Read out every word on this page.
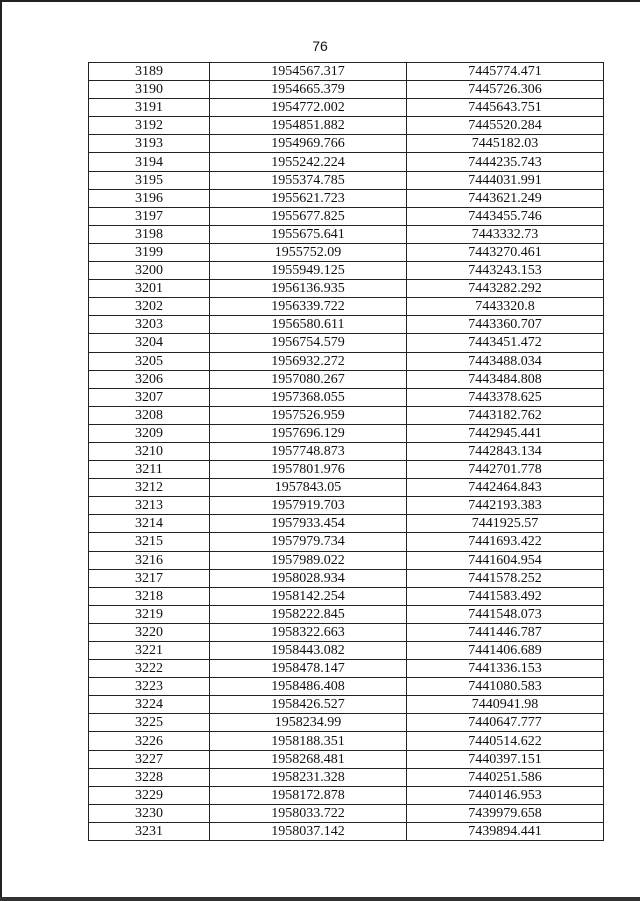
76
3189	1954567.317	7445774.471
3190	1954665.379	7445726.306
3191	1954772.002	7445643.751
3192	1954851.882	7445520.284
3193	1954969.766	7445182.03
3194	1955242.224	7444235.743
3195	1955374.785	7444031.991
3196	1955621.723	7443621.249
3197	1955677.825	7443455.746
3198	1955675.641	7443332.73
3199	1955752.09	7443270.461
3200	1955949.125	7443243.153
3201	1956136.935	7443282.292
3202	1956339.722	7443320.8
3203	1956580.611	7443360.707
3204	1956754.579	7443451.472
3205	1956932.272	7443488.034
3206	1957080.267	7443484.808
3207	1957368.055	7443378.625
3208	1957526.959	7443182.762
3209	1957696.129	7442945.441
3210	1957748.873	7442843.134
3211	1957801.976	7442701.778
3212	1957843.05	7442464.843
3213	1957919.703	7442193.383
3214	1957933.454	7441925.57
3215	1957979.734	7441693.422
3216	1957989.022	7441604.954
3217	1958028.934	7441578.252
3218	1958142.254	7441583.492
3219	1958222.845	7441548.073
3220	1958322.663	7441446.787
3221	1958443.082	7441406.689
3222	1958478.147	7441336.153
3223	1958486.408	7441080.583
3224	1958426.527	7440941.98
3225	1958234.99	7440647.777
3226	1958188.351	7440514.622
3227	1958268.481	7440397.151
3228	1958231.328	7440251.586
3229	1958172.878	7440146.953
3230	1958033.722	7439979.658
3231	1958037.142	7439894.441
